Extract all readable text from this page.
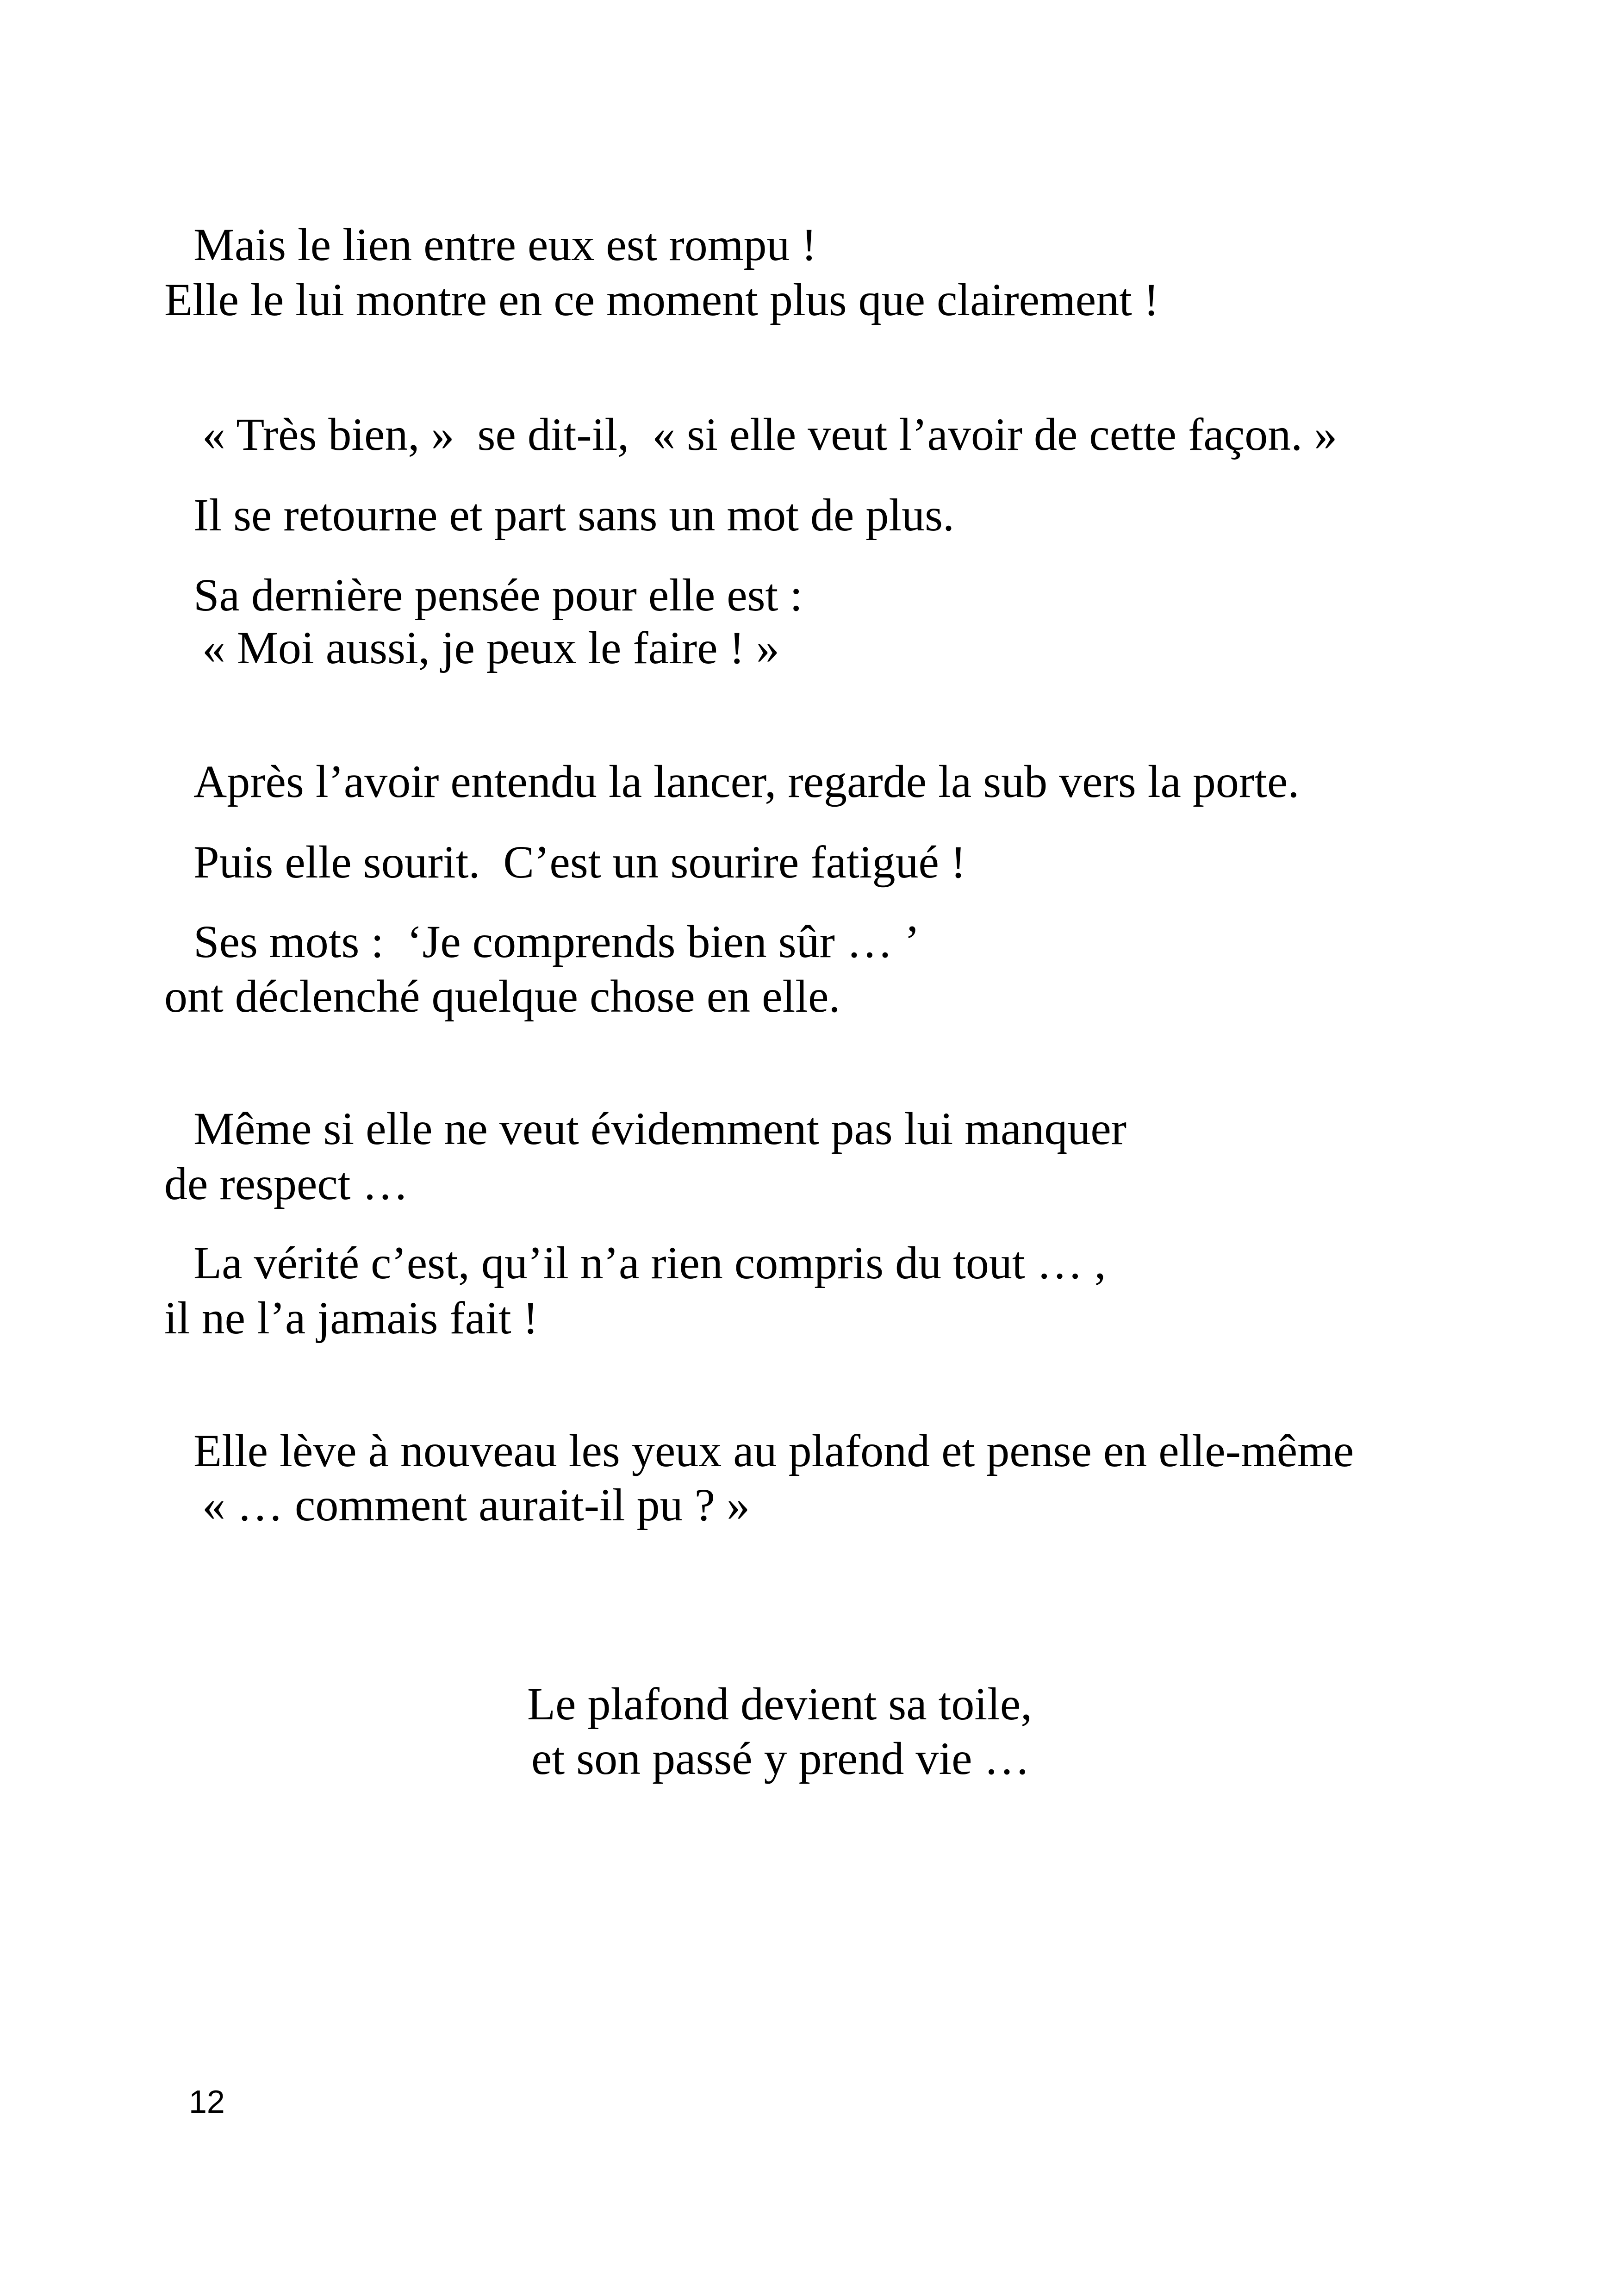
Mais le lien entre eux est rompu !
Elle le lui montre en ce moment plus que clairement !
« Très bien, »  se dit-il,  « si elle veut l’avoir de cette façon. »
Il se retourne et part sans un mot de plus.
Sa dernière pensée pour elle est :
« Moi aussi, je peux le faire ! »
Après l’avoir entendu la lancer, regarde la sub vers la porte.
Puis elle sourit.  C’est un sourire fatigué !
Ses mots :  ‘Je comprends bien sûr … ’
ont déclenché quelque chose en elle.
Même si elle ne veut évidemment pas lui manquer
de respect …
La vérité c’est, qu’il n’a rien compris du tout … ,
il ne l’a jamais fait !
Elle lève à nouveau les yeux au plafond et pense en elle-même
« … comment aurait-il pu ? »
Le plafond devient sa toile,
et son passé y prend vie …
12
